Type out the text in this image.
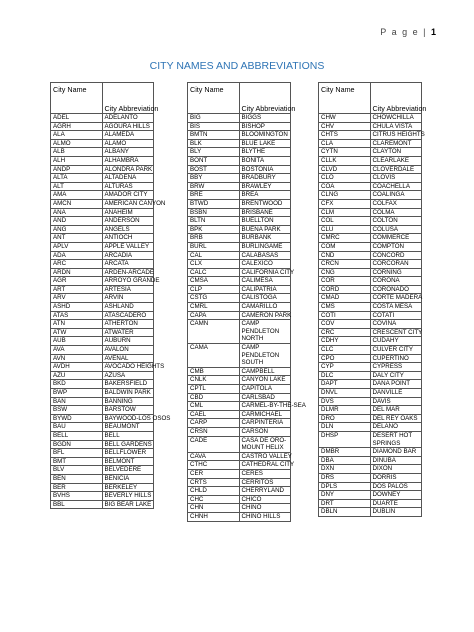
P a g e | 1
CITY NAMES AND ABBREVIATIONS
City Name	City Abbreviation
ADEL	ADELANTO
AGRH	AGOURA HILLS
ALA	ALAMEDA
ALMO	ALAMO
ALB	ALBANY
ALH	ALHAMBRA
ANDP	ALONDRA PARK
ALTA	ALTADENA
ALT	ALTURAS
AMA	AMADOR CITY
AMCN	AMERICAN CANYON
ANA	ANAHEIM
AND	ANDERSON
ANG	ANGELS
ANT	ANTIOCH
APLV	APPLE VALLEY
ADA	ARCADIA
ARC	ARCATA
ARDN	ARDEN-ARCADE
AGR	ARROYO GRANDE
ART	ARTESIA
ARV	ARVIN
ASHD	ASHLAND
ATAS	ATASCADERO
ATN	ATHERTON
ATW	ATWATER
AUB	AUBURN
AVA	AVALON
AVN	AVENAL
AVDH	AVOCADO HEIGHTS
AZU	AZUSA
BKD	BAKERSFIELD
BWP	BALDWIN PARK
BAN	BANNING
BSW	BARSTOW
BYWD	BAYWOOD-LOS OSOS
BAU	BEAUMONT
BELL	BELL
BGDN	BELL GARDENS
BFL	BELLFLOWER
BMT	BELMONT
BLV	BELVEDERE
BEN	BENICIA
BER	BERKELEY
BVHS	BEVERLY HILLS
BBL	BIG BEAR LAKE
City Name	City Abbreviation
BIG	BIGGS
BIS	BISHOP
BMTN	BLOOMINGTON
BLK	BLUE LAKE
BLY	BLYTHE
BONT	BONITA
BOST	BOSTONIA
BBY	BRADBURY
BRW	BRAWLEY
BRE	BREA
BTWD	BRENTWOOD
BSBN	BRISBANE
BLTN	BUELLTON
BPK	BUENA PARK
BRB	BURBANK
BURL	BURLINGAME
CAL	CALABASAS
CLX	CALEXICO
CALC	CALIFORNIA CITY
CMSA	CALIMESA
CLP	CALIPATRIA
CSTG	CALISTOGA
CMRL	CAMARILLO
CAPA	CAMERON PARK
CAMN	CAMP PENDLETON NORTH
CAMA	CAMP PENDLETON SOUTH
CMB	CAMPBELL
CNLK	CANYON LAKE
CPTL	CAPITOLA
CBD	CARLSBAD
CML	CARMEL-BY-THE-SEA
CAEL	CARMICHAEL
CARP	CARPINTERIA
CRSN	CARSON
CADE	CASA DE ORO-MOUNT HELIX
CAVA	CASTRO VALLEY
CTHC	CATHEDRAL CITY
CER	CERES
CRTS	CERRITOS
CHLD	CHERRYLAND
CHC	CHICO
CHN	CHINO
CHNH	CHINO HILLS
City Name	City Abbreviation
CHW	CHOWCHILLA
CHV	CHULA VISTA
CHTS	CITRUS HEIGHTS
CLA	CLAREMONT
CYTN	CLAYTON
CLLK	CLEARLAKE
CLVD	CLOVERDALE
CLO	CLOVIS
COA	COACHELLA
CLNG	COALINGA
CFX	COLFAX
CLM	COLMA
COL	COLTON
CLU	COLUSA
CMRC	COMMERCE
COM	COMPTON
CND	CONCORD
CRCN	CORCORAN
CNG	CORNING
COR	CORONA
CORD	CORONADO
CMAD	CORTE MADERA
CMS	COSTA MESA
COTI	COTATI
COV	COVINA
CRC	CRESCENT CITY
CDHY	CUDAHY
CLC	CULVER CITY
CPO	CUPERTINO
CYP	CYPRESS
DLC	DALY CITY
DAPT	DANA POINT
DNVL	DANVILLE
DVS	DAVIS
DLMR	DEL MAR
DRO	DEL REY OAKS
DLN	DELANO
DHSP	DESERT HOT SPRINGS
DMBR	DIAMOND BAR
DBA	DINUBA
DXN	DIXON
DRS	DORRIS
DPLS	DOS PALOS
DNY	DOWNEY
DRT	DUARTE
DBLN	DUBLIN
